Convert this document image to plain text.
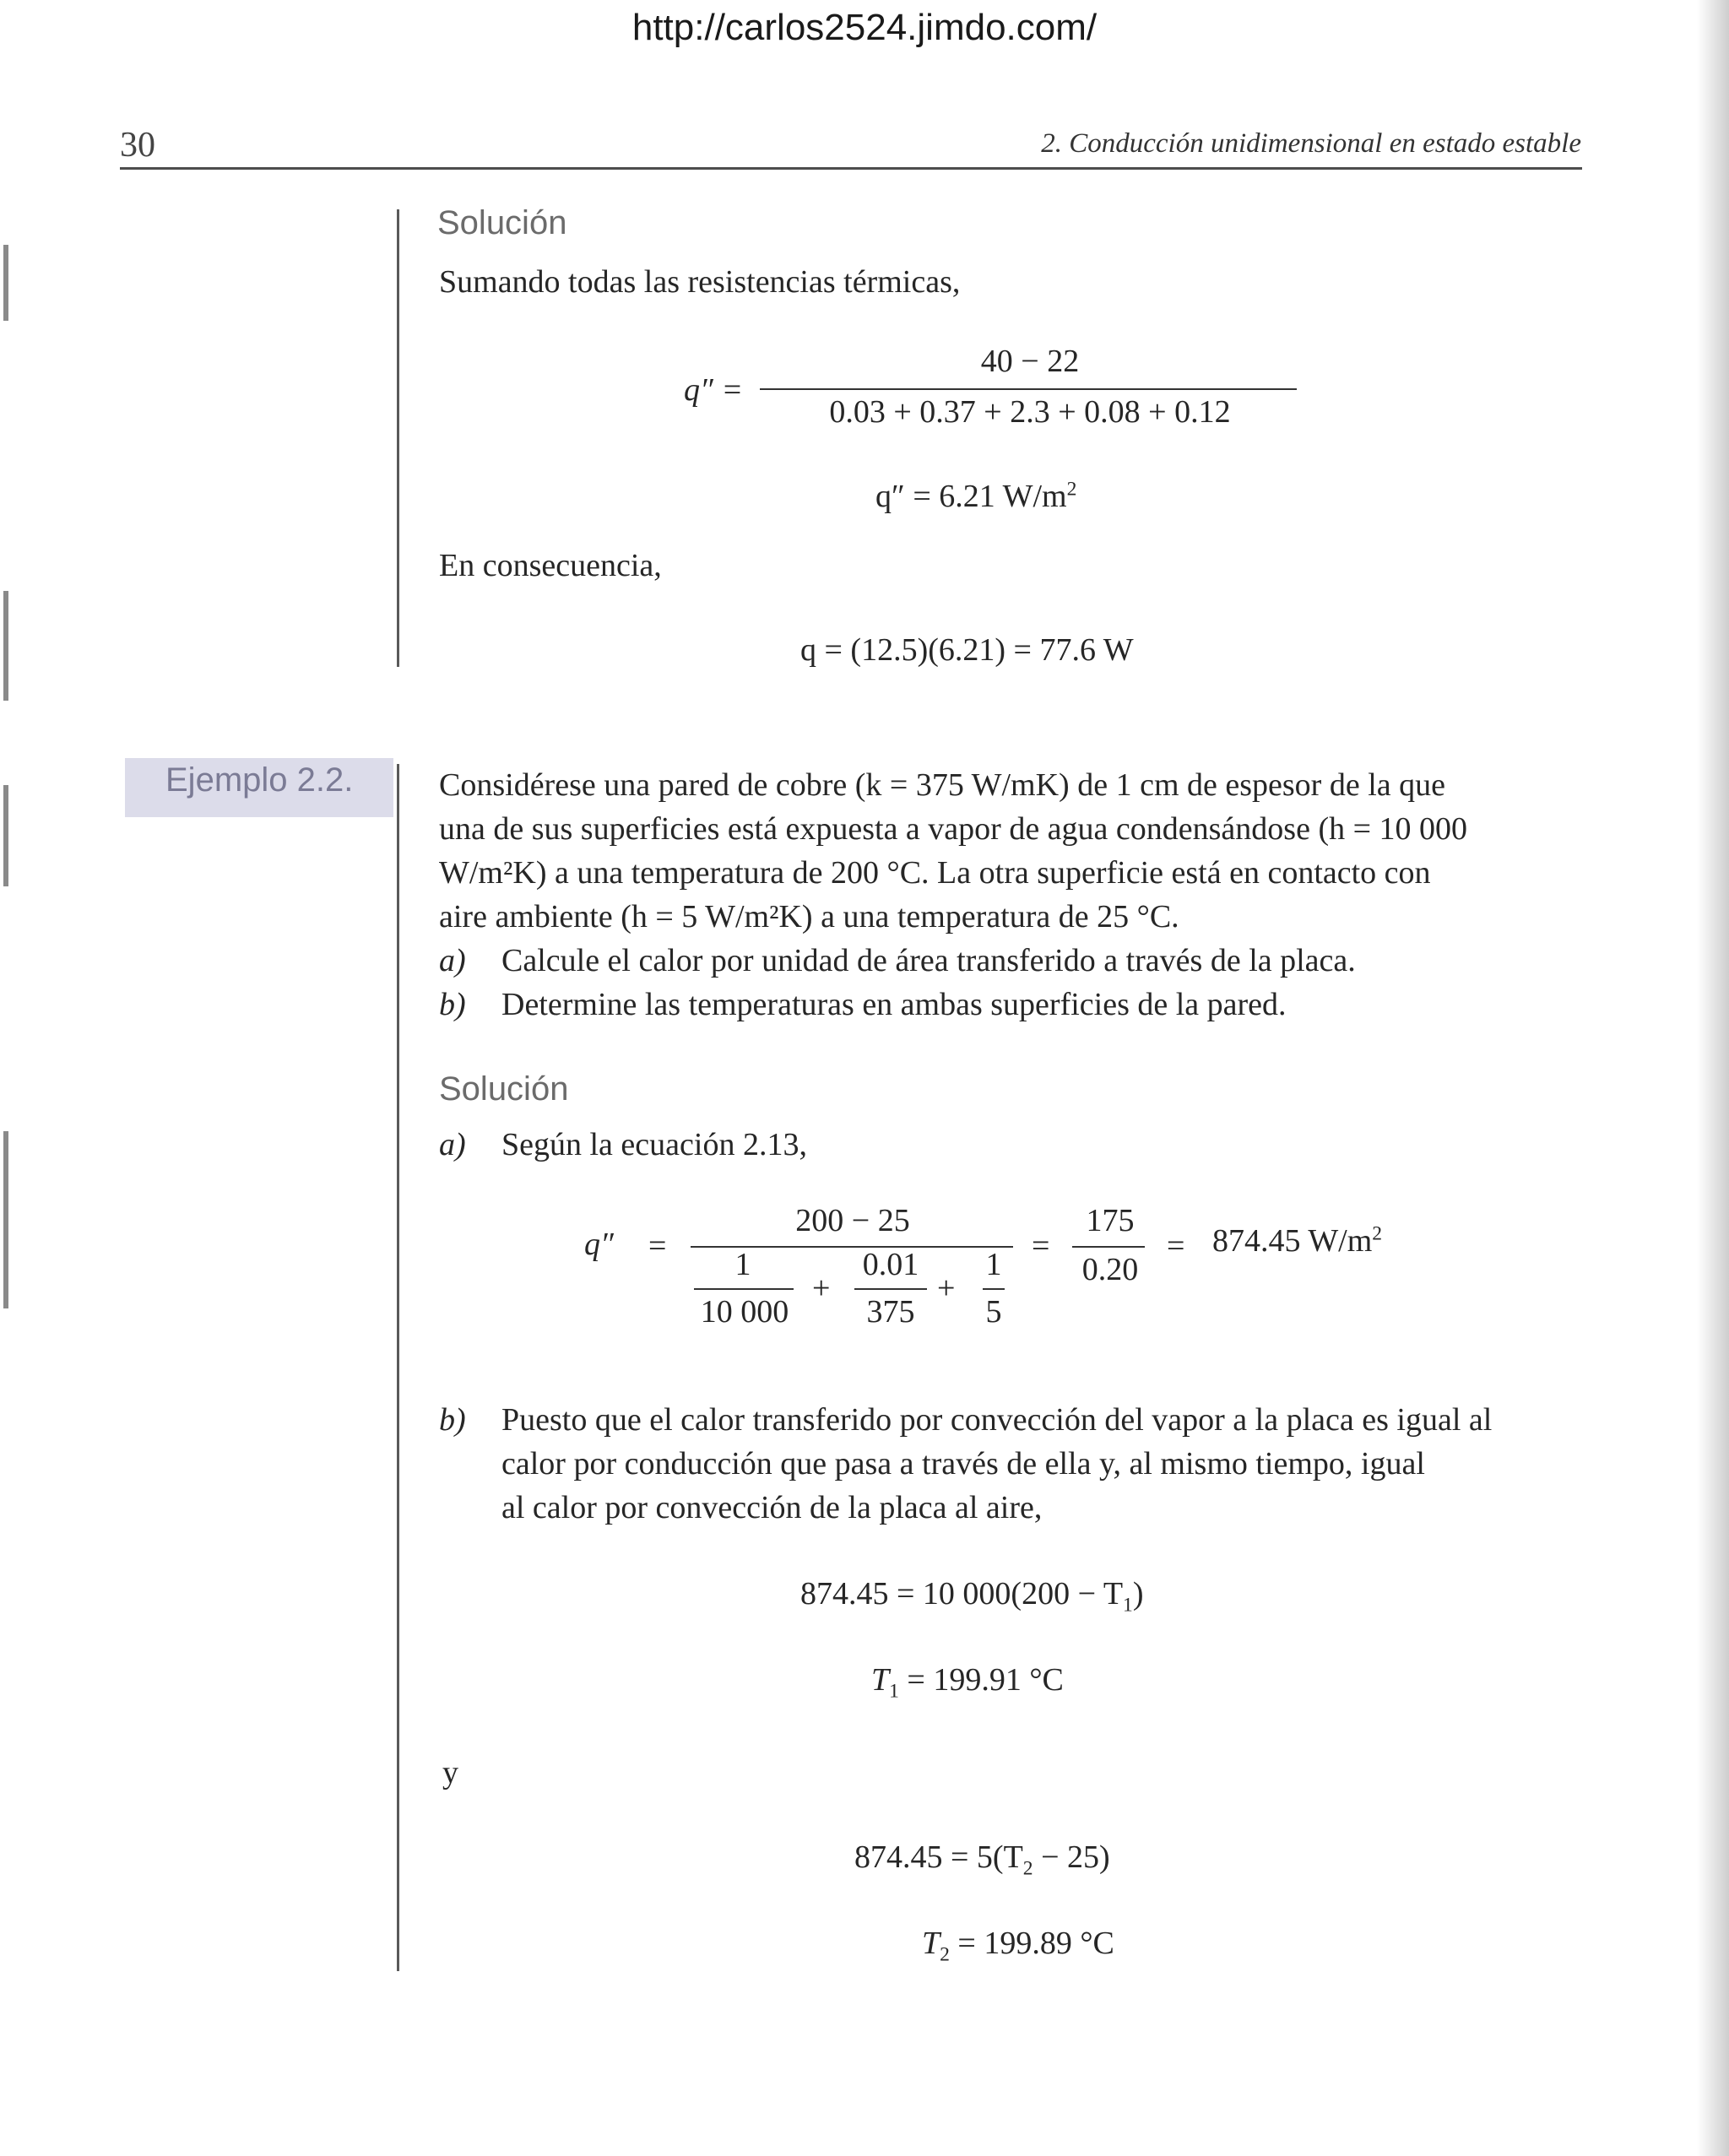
http://carlos2524.jimdo.com/
30	2. Conducción unidimensional en estado estable
Solución
Sumando todas las resistencias térmicas,
q″ =
40 − 22
0.03 + 0.37 + 2.3 + 0.08 + 0.12
q″ = 6.21 $W/m^2$
En consecuencia,
q = (12.5)(6.21) = 77.6 W
Ejemplo 2.2.	Considérese una pared de cobre (k = 375 W/mK) de 1 cm de espesor de la que
una de sus superficies está expuesta a vapor de agua condensándose (h = 10 000
W/m²K) a una temperatura de 200 °C. La otra superficie está en contacto con
aire ambiente (h = 5 W/m²K) a una temperatura de 25 °C.
a) Calcule el calor por unidad de área transferido a través de la placa.
b) Determine las temperaturas en ambas superficies de la pared.
Solución
a) Según la ecuación 2.13,
q″ =
200 − 25
1
10 000
+
0.01
375
+
1
5
=
175
0.20
= 874.45 $W/m^2$
b) Puesto que el calor transferido por convección del vapor a la placa es igual al
calor por conducción que pasa a través de ella y, al mismo tiempo, igual
al calor por convección de la placa al aire,
874.45 = 10 $000(200 - T_1)$
$T_1 = 199.91$ °C
y
$874.45 = 5(T_2 - 25)$
$T_2 = 199.89$ °C
